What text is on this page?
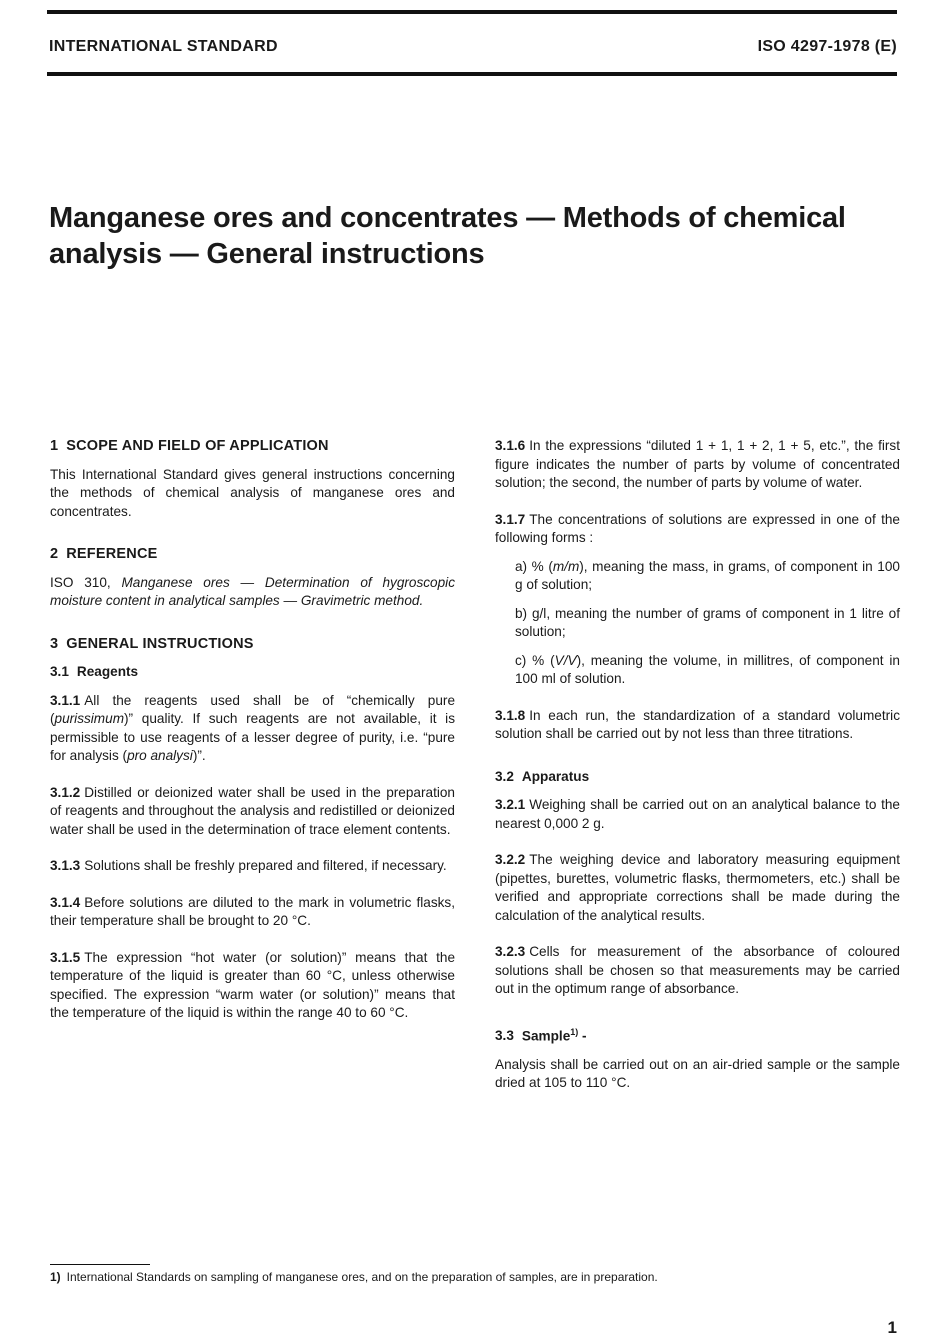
INTERNATIONAL STANDARD	ISO 4297-1978 (E)
Manganese ores and concentrates — Methods of chemical analysis — General instructions
1 SCOPE AND FIELD OF APPLICATION

This International Standard gives general instructions concerning the methods of chemical analysis of manganese ores and concentrates.

2 REFERENCE

ISO 310, Manganese ores — Determination of hygroscopic moisture content in analytical samples — Gravimetric method.

3 GENERAL INSTRUCTIONS
3.1 Reagents

3.1.1 All the reagents used shall be of “chemically pure (purissimum)” quality. If such reagents are not available, it is permissible to use reagents of a lesser degree of purity, i.e. “pure for analysis (pro analysi)”.

3.1.2 Distilled or deionized water shall be used in the preparation of reagents and throughout the analysis and redistilled or deionized water shall be used in the determination of trace element contents.

3.1.3 Solutions shall be freshly prepared and filtered, if necessary.

3.1.4 Before solutions are diluted to the mark in volumetric flasks, their temperature shall be brought to 20 °C.

3.1.5 The expression “hot water (or solution)” means that the temperature of the liquid is greater than 60 °C, unless otherwise specified. The expression “warm water (or solution)” means that the temperature of the liquid is within the range 40 to 60 °C.

3.1.6 In the expressions “diluted 1 + 1, 1 + 2, 1 + 5, etc.”, the first figure indicates the number of parts by volume of concentrated solution; the second, the number of parts by volume of water.

3.1.7 The concentrations of solutions are expressed in one of the following forms :

a) % (m/m), meaning the mass, in grams, of component in 100 g of solution;

b) g/l, meaning the number of grams of component in 1 litre of solution;

c) % (V/V), meaning the volume, in millitres, of component in 100 ml of solution.

3.1.8 In each run, the standardization of a standard volumetric solution shall be carried out by not less than three titrations.

3.2 Apparatus

3.2.1 Weighing shall be carried out on an analytical balance to the nearest 0,000 2 g.

3.2.2 The weighing device and laboratory measuring equipment (pipettes, burettes, volumetric flasks, thermometers, etc.) shall be verified and appropriate corrections shall be made during the calculation of the analytical results.

3.2.3 Cells for measurement of the absorbance of coloured solutions shall be chosen so that measurements may be carried out in the optimum range of absorbance.

3.3 Sample$^{1)}$ -

Analysis shall be carried out on an air-dried sample or the sample dried at 105 to 110 °C.

1) International Standards on sampling of manganese ores, and on the preparation of samples, are in preparation.
1
